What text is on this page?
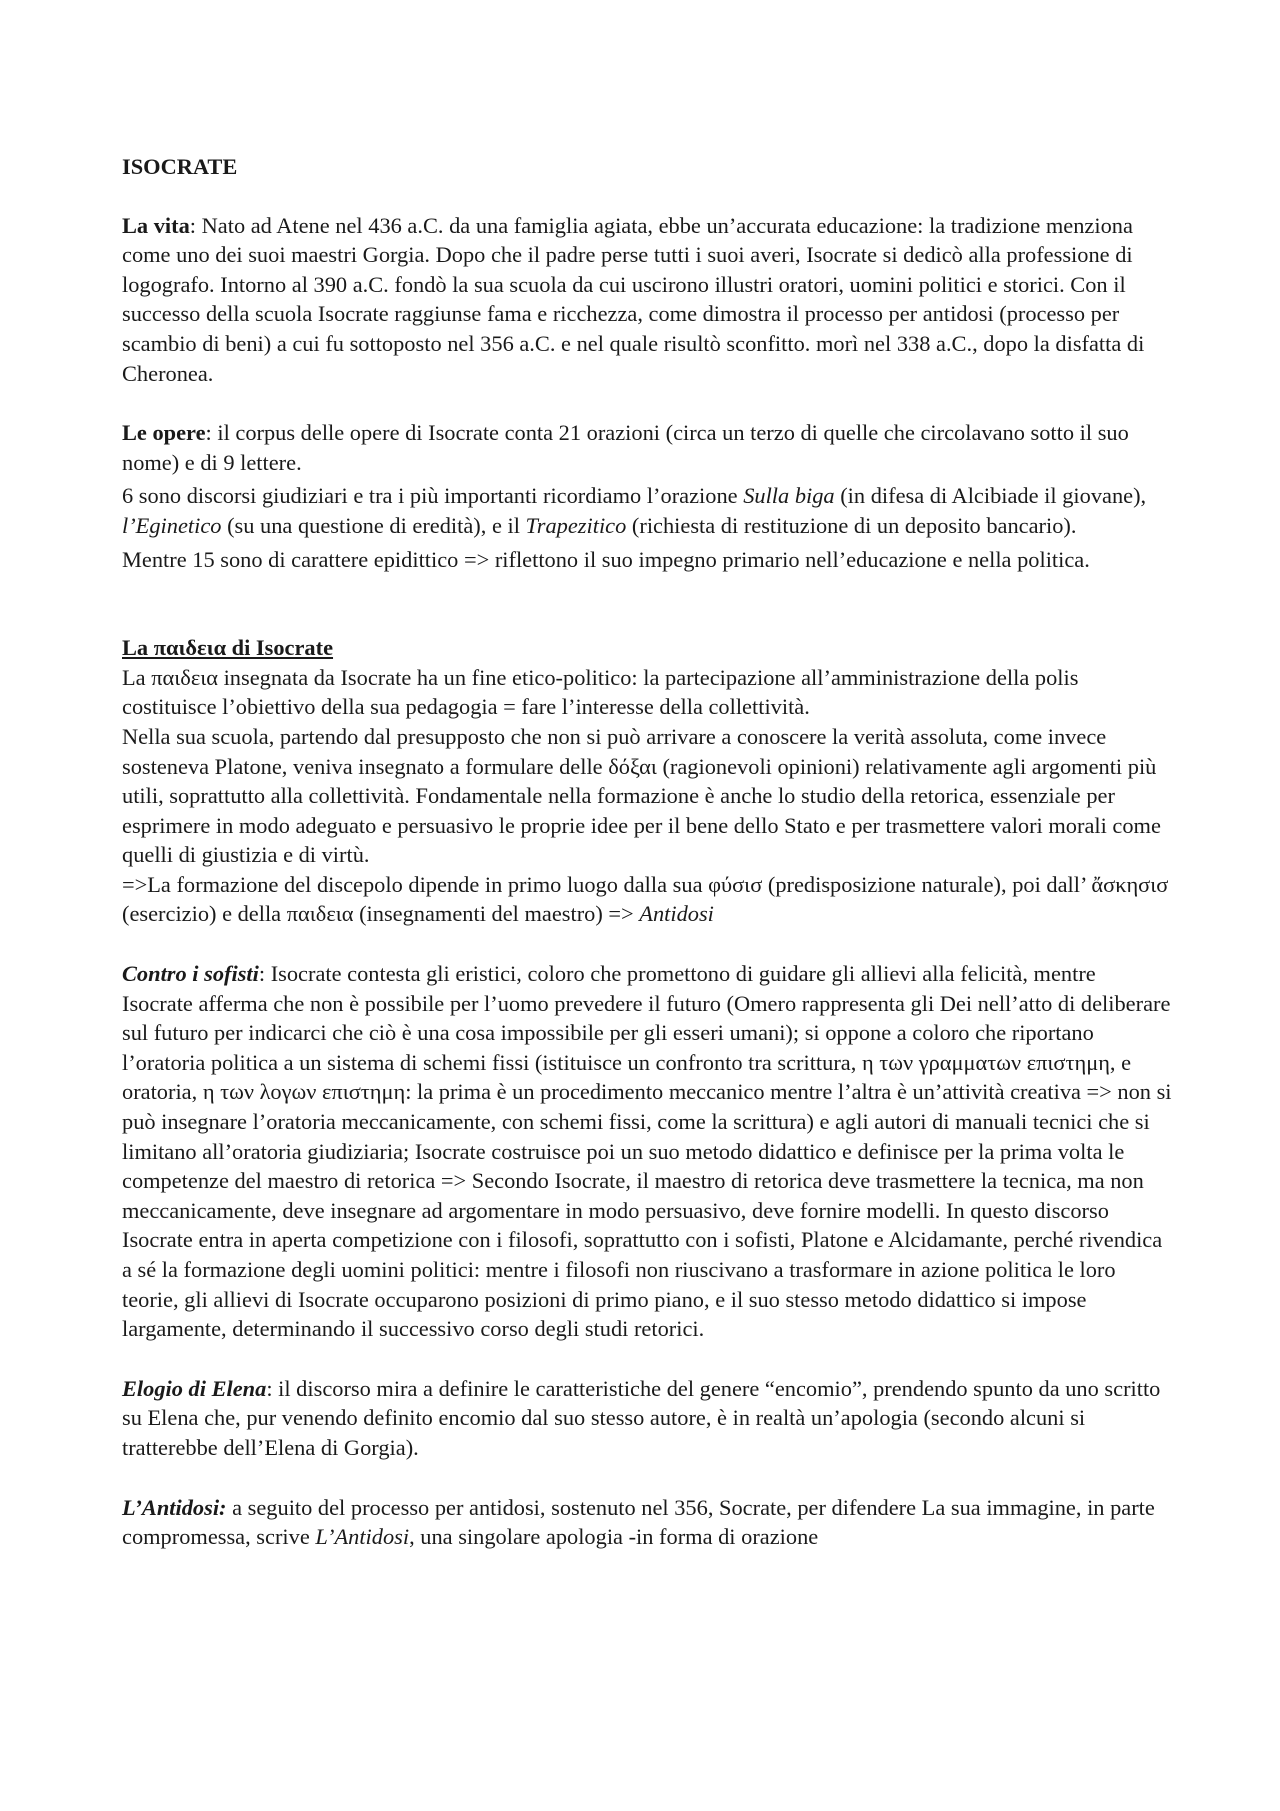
ISOCRATE

La vita: Nato ad Atene nel 436 a.C. da una famiglia agiata, ebbe un’accurata educazione: la tradizione menziona come uno dei suoi maestri Gorgia. Dopo che il padre perse tutti i suoi averi, Isocrate si dedicò alla professione di logografo. Intorno al 390 a.C. fondò la sua scuola da cui uscirono illustri oratori, uomini politici e storici. Con il successo della scuola Isocrate raggiunse fama e ricchezza, come dimostra il processo per antidosi (processo per scambio di beni) a cui fu sottoposto nel 356 a.C. e nel quale risultò sconfitto. morì nel 338 a.C., dopo la disfatta di Cheronea.

Le opere: il corpus delle opere di Isocrate conta 21 orazioni (circa un terzo di quelle che circolavano sotto il suo nome) e di 9 lettere.

6 sono discorsi giudiziari e tra i più importanti ricordiamo l’orazione Sulla biga (in difesa di Alcibiade il giovane), l’Eginetico (su una questione di eredità), e il Trapezitico (richiesta di restituzione di un deposito bancario).

Mentre 15 sono di carattere epidittico => riflettono il suo impegno primario nell’educazione e nella politica.

La παιδεια di Isocrate

La παιδεια insegnata da Isocrate ha un fine etico-politico: la partecipazione all’amministrazione della polis costituisce l’obiettivo della sua pedagogia = fare l’interesse della collettività.

Nella sua scuola, partendo dal presupposto che non si può arrivare a conoscere la verità assoluta, come invece sosteneva Platone, veniva insegnato a formulare delle δόξαι (ragionevoli opinioni) relativamente agli argomenti più utili, soprattutto alla collettività. Fondamentale nella formazione è anche lo studio della retorica, essenziale per esprimere in modo adeguato e persuasivo le proprie idee per il bene dello Stato e per trasmettere valori morali come quelli di giustizia e di virtù.

=>La formazione del discepolo dipende in primo luogo dalla sua φύσισ (predisposizione naturale), poi dall’ ἄσκησισ (esercizio) e della παιδεια (insegnamenti del maestro) => Antidosi

Contro i sofisti: Isocrate contesta gli eristici, coloro che promettono di guidare gli allievi alla felicità, mentre Isocrate afferma che non è possibile per l’uomo prevedere il futuro (Omero rappresenta gli Dei nell’atto di deliberare sul futuro per indicarci che ciò è una cosa impossibile per gli esseri umani); si oppone a coloro che riportano l’oratoria politica a un sistema di schemi fissi (istituisce un confronto tra scrittura, η των γραμματων επιστημη, e oratoria, η των λογων επιστημη: la prima è un procedimento meccanico mentre l’altra è un’attività creativa => non si può insegnare l’oratoria meccanicamente, con schemi fissi, come la scrittura) e agli autori di manuali tecnici che si limitano all’oratoria giudiziaria; Isocrate costruisce poi un suo metodo didattico e definisce per la prima volta le competenze del maestro di retorica => Secondo Isocrate, il maestro di retorica deve trasmettere la tecnica, ma non meccanicamente, deve insegnare ad argomentare in modo persuasivo, deve fornire modelli. In questo discorso Isocrate entra in aperta competizione con i filosofi, soprattutto con i sofisti, Platone e Alcidamante, perché rivendica a sé la formazione degli uomini politici: mentre i filosofi non riuscivano a trasformare in azione politica le loro teorie, gli allievi di Isocrate occuparono posizioni di primo piano, e il suo stesso metodo didattico si impose largamente, determinando il successivo corso degli studi retorici.

Elogio di Elena: il discorso mira a definire le caratteristiche del genere “encomio”, prendendo spunto da uno scritto su Elena che, pur venendo definito encomio dal suo stesso autore, è in realtà un’apologia (secondo alcuni si tratterebbe dell’Elena di Gorgia).

L’Antidosi: a seguito del processo per antidosi, sostenuto nel 356, Socrate, per difendere La sua immagine, in parte compromessa, scrive L’Antidosi, una singolare apologia -in forma di orazione
